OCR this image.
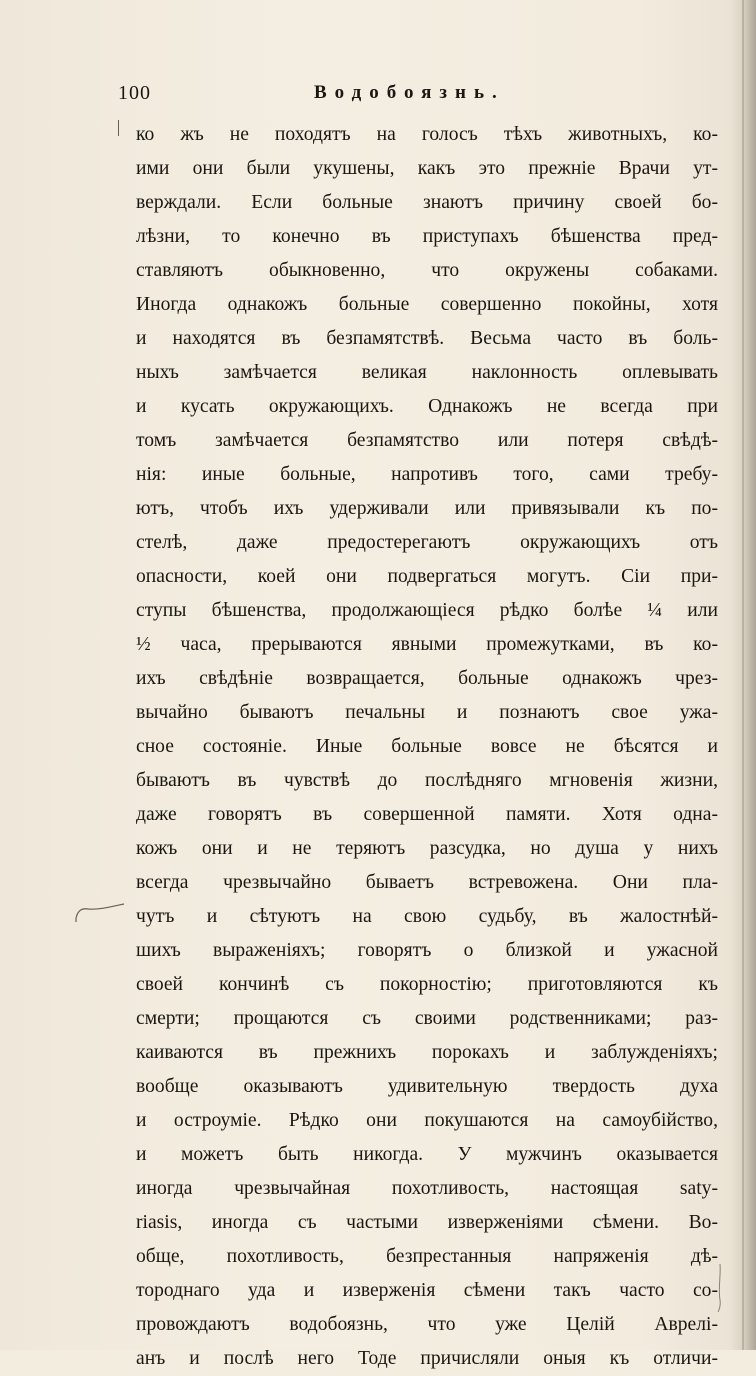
100	Водобоязнь.
ко жъ не походятъ на голосъ тѣхъ животныхъ, ко-
ими они были укушены, какъ это прежніе Врачи ут-
верждали. Если больные знаютъ причину своей бо-
лѣзни, то конечно въ приступахъ бѣшенства пред-
ставляютъ обыкновенно, что окружены собаками.
Иногда однакожъ больные совершенно покойны, хотя
и находятся въ безпамятствѣ. Весьма часто въ боль-
ныхъ замѣчается великая наклонность оплевывать
и кусать окружающихъ. Однакожъ не всегда при
томъ замѣчается безпамятство или потеря свѣдѣ-
нія: иные больные, напротивъ того, сами требу-
ютъ, чтобъ ихъ удерживали или привязывали къ по-
стелѣ, даже предостерегаютъ окружающихъ отъ
опасности, коей они подвергаться могутъ. Сіи при-
ступы бѣшенства, продолжающіеся рѣдко болѣе ¼ или
½ часа, прерываются явными промежутками, въ ко-
ихъ свѣдѣніе возвращается, больные однакожъ чрез-
вычайно бываютъ печальны и познаютъ свое ужа-
сное состояніе. Иные больные вовсе не бѣсятся и
бываютъ въ чувствѣ до послѣдняго мгновенія жизни,
даже говорятъ въ совершенной памяти. Хотя одна-
кожъ они и не теряютъ разсудка, но душа у нихъ
всегда чрезвычайно бываетъ встревожена. Они пла-
чутъ и сѣтуютъ на свою судьбу, въ жалостнѣй-
шихъ выраженіяхъ; говорятъ о близкой и ужасной
своей кончинѣ съ покорностію; приготовляются къ
смерти; прощаются съ своими родственниками; раз-
каиваются въ прежнихъ порокахъ и заблужденіяхъ;
вообще оказываютъ удивительную твердость духа
и остроуміе. Рѣдко они покушаются на самоубійство,
и можетъ быть никогда. У мужчинъ оказывается
иногда чрезвычайная похотливость, настоящая saty-
riasis, иногда съ частыми изверженіями сѣмени. Во-
обще, похотливость, безпрестанныя напряженія дѣ-
тороднаго уда и изверженія сѣмени такъ часто со-
провождаютъ водобоязнь, что уже Целій Аврелі-
анъ и послѣ него Тоде причисляли оныя къ отличи-
